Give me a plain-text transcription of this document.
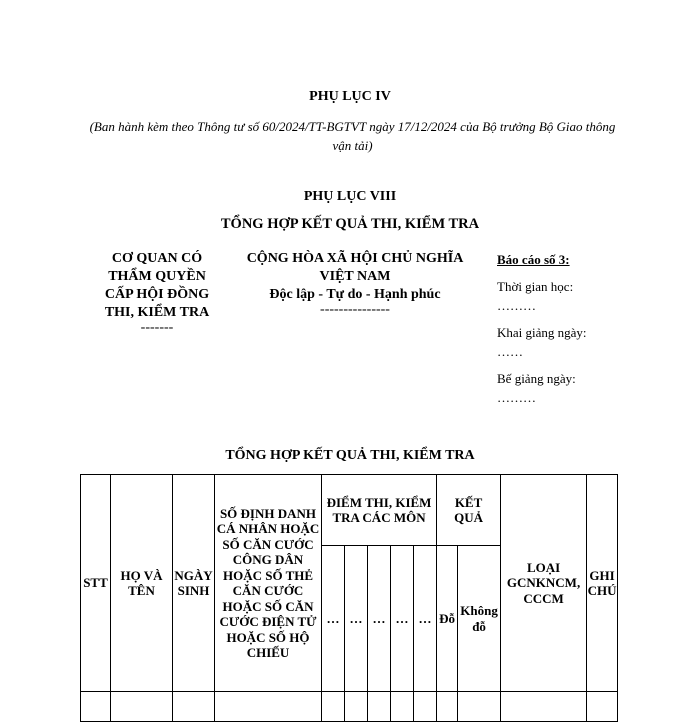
PHỤ LỤC IV
(Ban hành kèm theo Thông tư số 60/2024/TT-BGTVT ngày 17/12/2024 của Bộ trưởng Bộ Giao thông vận tải)
PHỤ LỤC VIII
TỔNG HỢP KẾT QUẢ THI, KIỂM TRA
CƠ QUAN CÓ
THẨM QUYỀN
CẤP HỘI ĐỒNG
THI, KIỂM TRA
-------
CỘNG HÒA XÃ HỘI CHỦ NGHĨA
VIỆT NAM
Độc lập - Tự do - Hạnh phúc
---------------
Báo cáo số 3:
Thời gian học:
………
Khai giảng ngày:
……
Bế giảng ngày:
………
TỔNG HỢP KẾT QUẢ THI, KIỂM TRA
STT	HỌ VÀ TÊN	NGÀY SINH	SỐ ĐỊNH DANH CÁ NHÂN HOẶC SỐ CĂN CƯỚC CÔNG DÂN HOẶC SỐ THẺ CĂN CƯỚC HOẶC SỐ CĂN CƯỚC ĐIỆN TỬ HOẶC SỐ HỘ CHIẾU	ĐIỂM THI, KIỂM TRA CÁC MÔN					KẾT QUẢ		LOẠI GCNKNCM, CCCM	GHI CHÚ
				…	…	…	…	…	Đỗ	Không đỗ		
